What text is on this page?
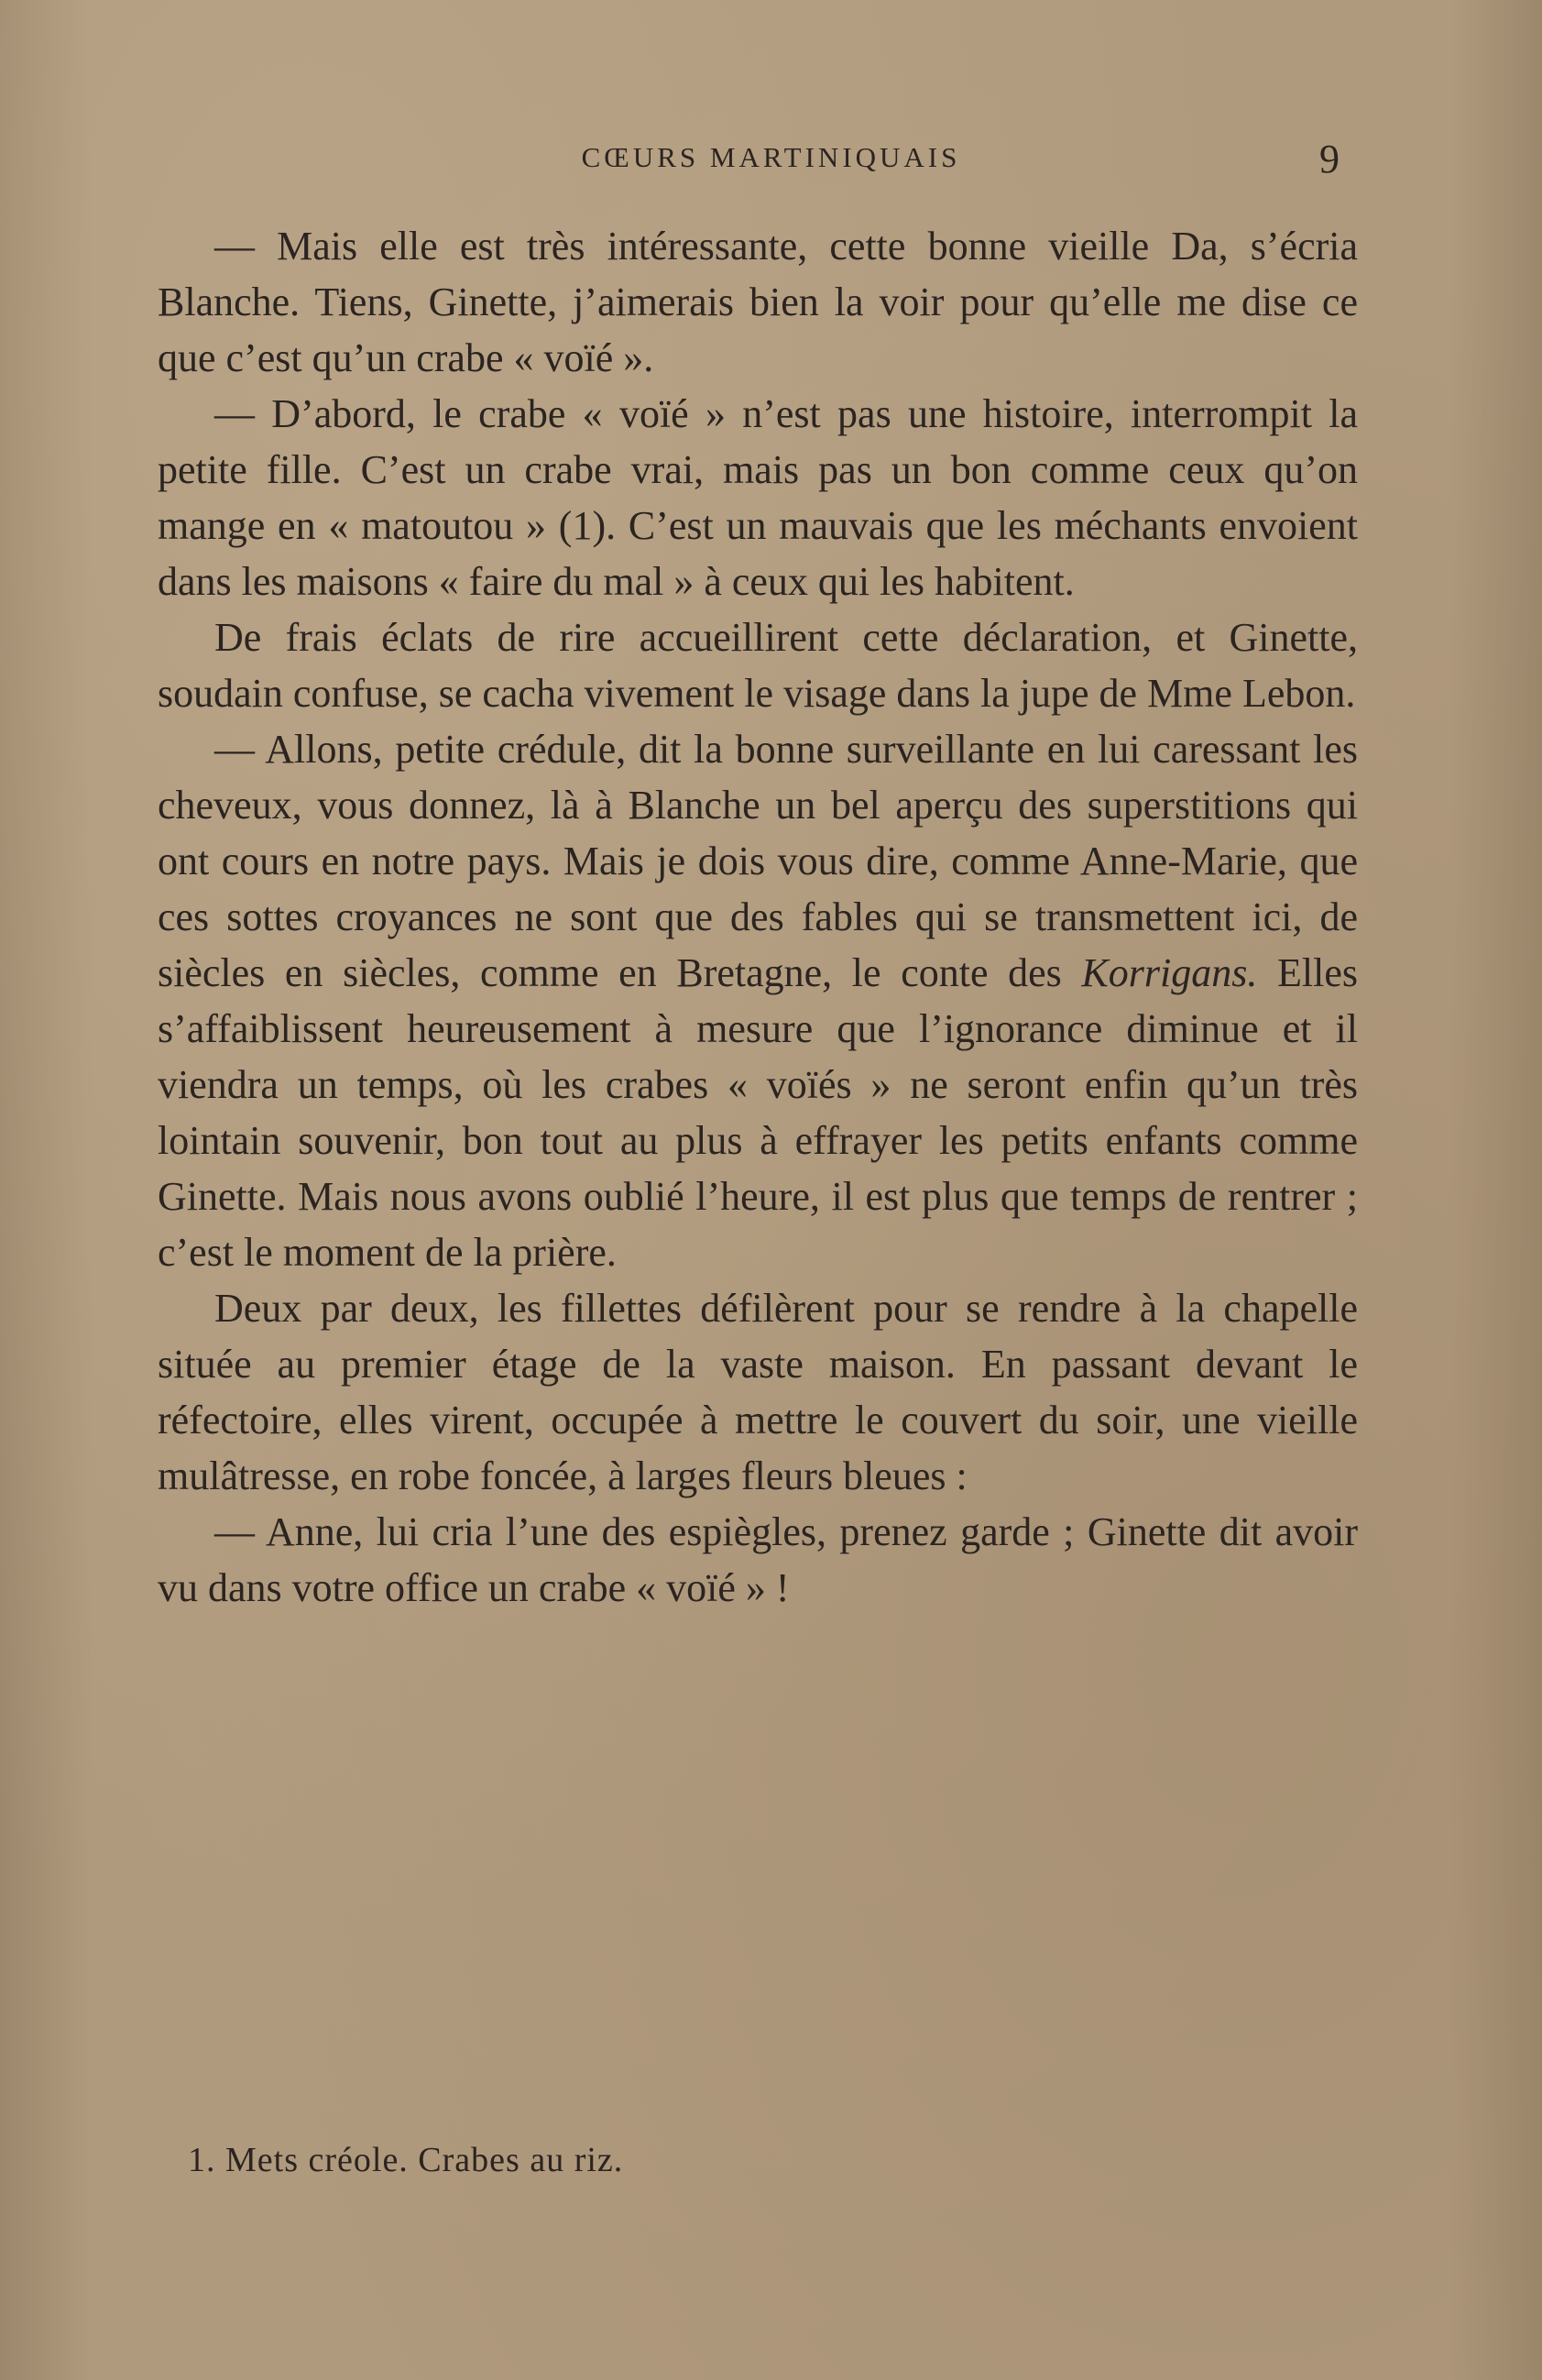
CŒURS MARTINIQUAIS	9

— Mais elle est très intéressante, cette bonne vieille Da, s’écria Blanche. Tiens, Ginette, j’aimerais bien la voir pour qu’elle me dise ce que c’est qu’un crabe « voïé ».

— D’abord, le crabe « voïé » n’est pas une histoire, interrompit la petite fille. C’est un crabe vrai, mais pas un bon comme ceux qu’on mange en « matoutou » (1). C’est un mauvais que les méchants envoient dans les maisons « faire du mal » à ceux qui les habitent.

De frais éclats de rire accueillirent cette déclaration, et Ginette, soudain confuse, se cacha vivement le visage dans la jupe de Mme Lebon.

— Allons, petite crédule, dit la bonne surveillante en lui caressant les cheveux, vous donnez, là à Blanche un bel aperçu des superstitions qui ont cours en notre pays. Mais je dois vous dire, comme Anne-Marie, que ces sottes croyances ne sont que des fables qui se transmettent ici, de siècles en siècles, comme en Bretagne, le conte des Korrigans. Elles s’affaiblissent heureusement à mesure que l’ignorance diminue et il viendra un temps, où les crabes « voïés » ne seront enfin qu’un très lointain souvenir, bon tout au plus à effrayer les petits enfants comme Ginette. Mais nous avons oublié l’heure, il est plus que temps de rentrer ; c’est le moment de la prière.

Deux par deux, les fillettes défilèrent pour se rendre à la chapelle située au premier étage de la vaste maison. En passant devant le réfectoire, elles virent, occupée à mettre le couvert du soir, une vieille mulâtresse, en robe foncée, à larges fleurs bleues :

— Anne, lui cria l’une des espiègles, prenez garde ; Ginette dit avoir vu dans votre office un crabe « voïé » !

1. Mets créole. Crabes au riz.
